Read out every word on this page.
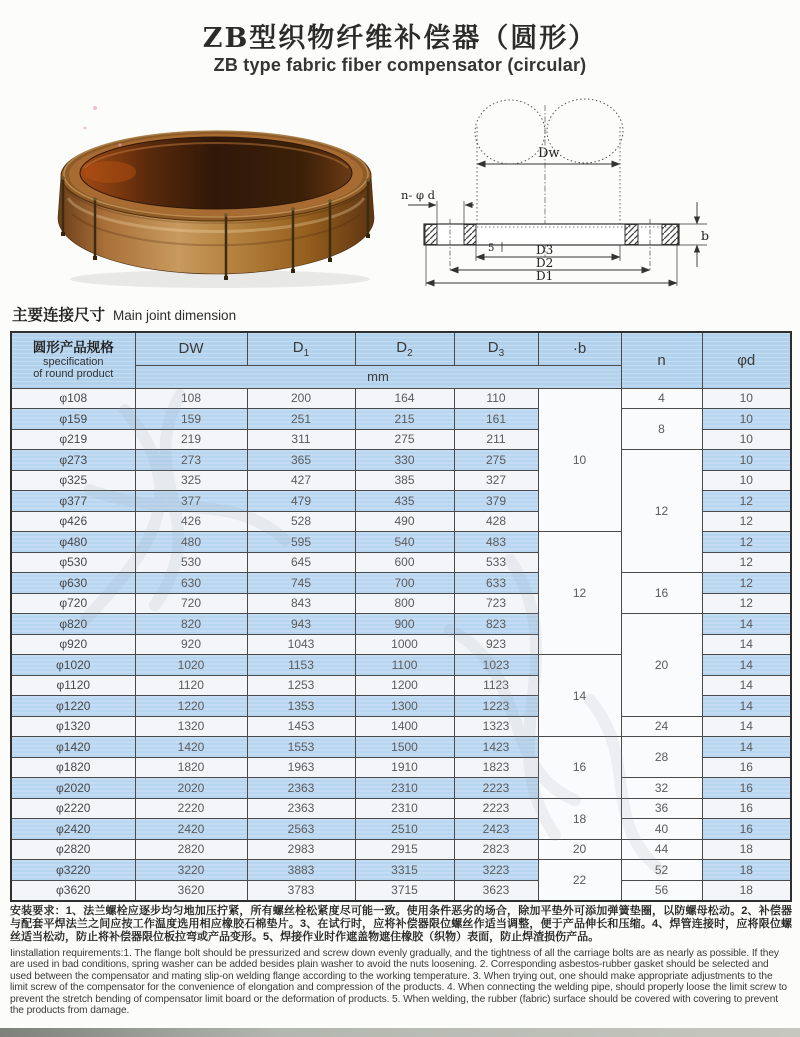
ZB型织物纤维补偿器（圆形）
ZB type fabric fiber compensator (circular)
Dw
n- φ d
b
5	D3
D2
D1
主要连接尺寸 Main joint dimension
圆形产品规格
specification
of round product	DW	$D_1$	$D_2$	$D_3$	·b	n	φd
	mm						
φ108	108	200	164	110	10	4	10
φ159	159	251	215	161		8	10
φ219	219	311	275	211			10
φ273	273	365	330	275		12	10
φ325	325	427	385	327			10
φ377	377	479	435	379			12
φ426	426	528	490	428			12
φ480	480	595	540	483	12		12
φ530	530	645	600	533			12
φ630	630	745	700	633		16	12
φ720	720	843	800	723			12
φ820	820	943	900	823		20	14
φ920	920	1043	1000	923			14
φ1020	1020	1153	1100	1023	14		14
φ1120	1120	1253	1200	1123			14
φ1220	1220	1353	1300	1223			14
φ1320	1320	1453	1400	1323		24	14
φ1420	1420	1553	1500	1423	16	28	14
φ1820	1820	1963	1910	1823			16
φ2020	2020	2363	2310	2223		32	16
φ2220	2220	2363	2310	2223	18	36	16
φ2420	2420	2563	2510	2423		40	16
φ2820	2820	2983	2915	2823	20	44	18
φ3220	3220	3883	3315	3223	22	52	18
φ3620	3620	3783	3715	3623		56	18

安装要求：1、法兰螺栓应逐步均匀地加压拧紧，所有螺丝栓松紧度尽可能一致。使用条件恶劣的场合，除加平垫外可添加弹簧垫圈，以防螺母松动。2、补偿器与配套平焊法兰之间应按工作温度选用相应橡胶石棉垫片。3、在试行时，应将补偿器限位螺丝作适当调整，便于产品伸长和压缩。4、焊管连接时，应将限位螺丝适当松动，防止将补偿器限位板拉弯或产品变形。5、焊接作业时作遮盖物遮住橡胶（织物）表面，防止焊渣损伤产品。

Iinstallation requirements:1. The flange bolt should be pressurized and screw down evenly gradually, and the tightness of all the carriage bolts are as nearly as possible. If they are used in bad conditions, spring washer can be added besides plain washer to avoid the nuts loosening. 2. Corresponding asbestos-rubber gasket should be selected and used between the compensator and mating slip-on welding flange according to the working temperature. 3. When trying out, one should make appropriate adjustments to the limit screw of the compensator for the convenience of elongation and compression of the products. 4. When connecting the welding pipe, should properly loose the limit screw to prevent the stretch bending of compensator limit board or the deformation of products. 5. When welding, the rubber (fabric) surface should be covered with covering to prevent the products from damage.
